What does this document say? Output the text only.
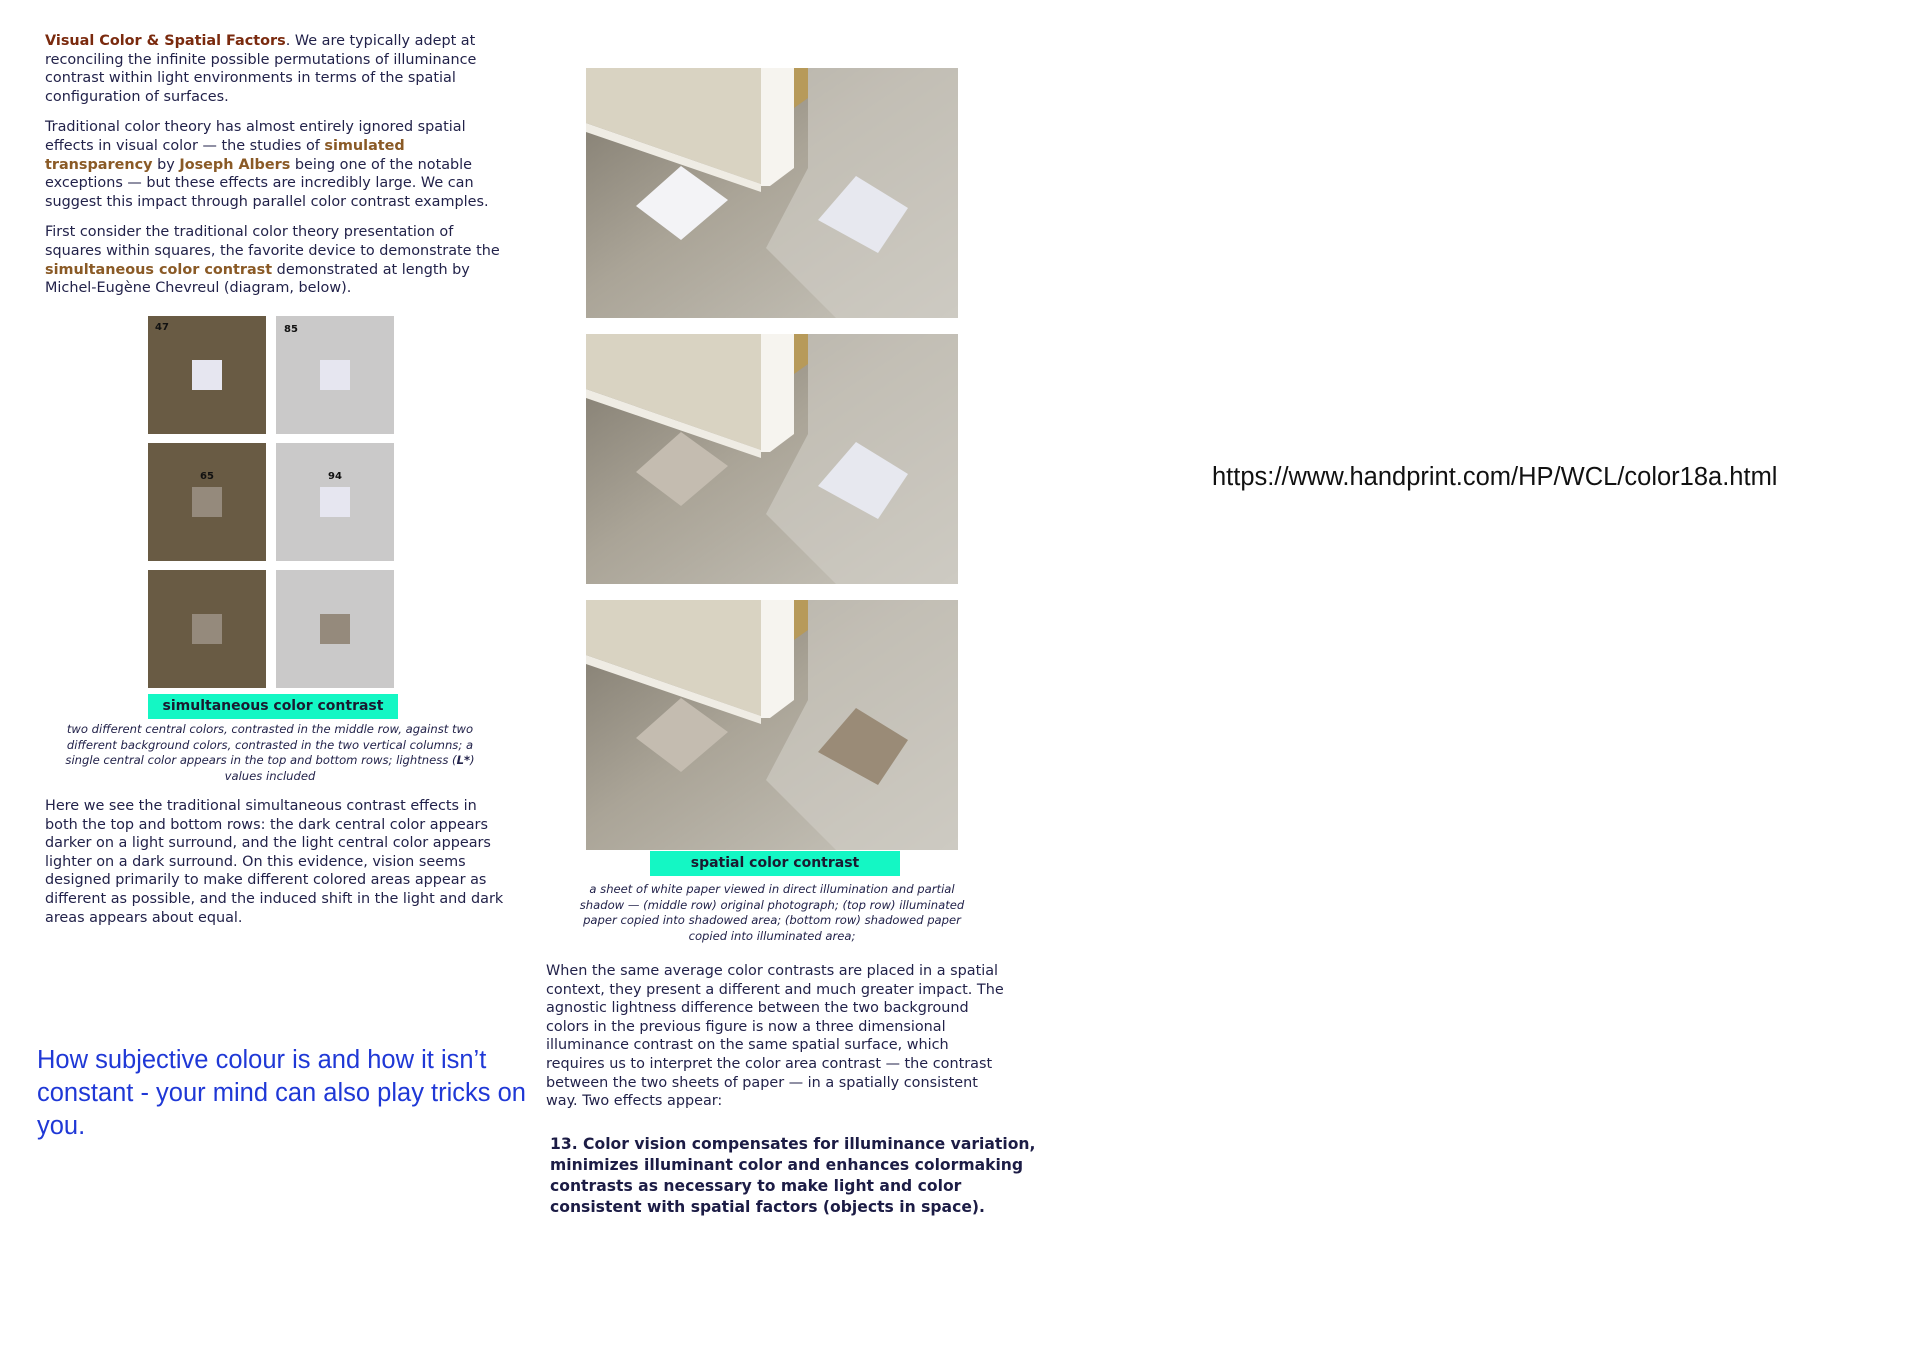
Visual Color & Spatial Factors. We are typically adept at reconciling the infinite possible permutations of illuminance contrast within light environments in terms of the spatial configuration of surfaces.

Traditional color theory has almost entirely ignored spatial effects in visual color — the studies of simulated transparency by Joseph Albers being one of the notable exceptions — but these effects are incredibly large. We can suggest this impact through parallel color contrast examples.

First consider the traditional color theory presentation of squares within squares, the favorite device to demonstrate the simultaneous color contrast demonstrated at length by Michel-Eugène Chevreul (diagram, below).

47	85
65	94
simultaneous color contrast
two different central colors, contrasted in the middle row, against two different background colors, contrasted in the two vertical columns; a single central color appears in the top and bottom rows; lightness (L*) values included

Here we see the traditional simultaneous contrast effects in both the top and bottom rows: the dark central color appears darker on a light surround, and the light central color appears lighter on a dark surround. On this evidence, vision seems designed primarily to make different colored areas appear as different as possible, and the induced shift in the light and dark areas appears about equal.

How subjective colour is and how it isn’t constant - your mind can also play tricks on you.

spatial color contrast
a sheet of white paper viewed in direct illumination and partial shadow — (middle row) original photograph; (top row) illuminated paper copied into shadowed area; (bottom row) shadowed paper copied into illuminated area;

When the same average color contrasts are placed in a spatial context, they present a different and much greater impact. The agnostic lightness difference between the two background colors in the previous figure is now a three dimensional illuminance contrast on the same spatial surface, which requires us to interpret the color area contrast — the contrast between the two sheets of paper — in a spatially consistent way. Two effects appear:

13. Color vision compensates for illuminance variation, minimizes illuminant color and enhances colormaking contrasts as necessary to make light and color consistent with spatial factors (objects in space).

https://www.handprint.com/HP/WCL/color18a.html
